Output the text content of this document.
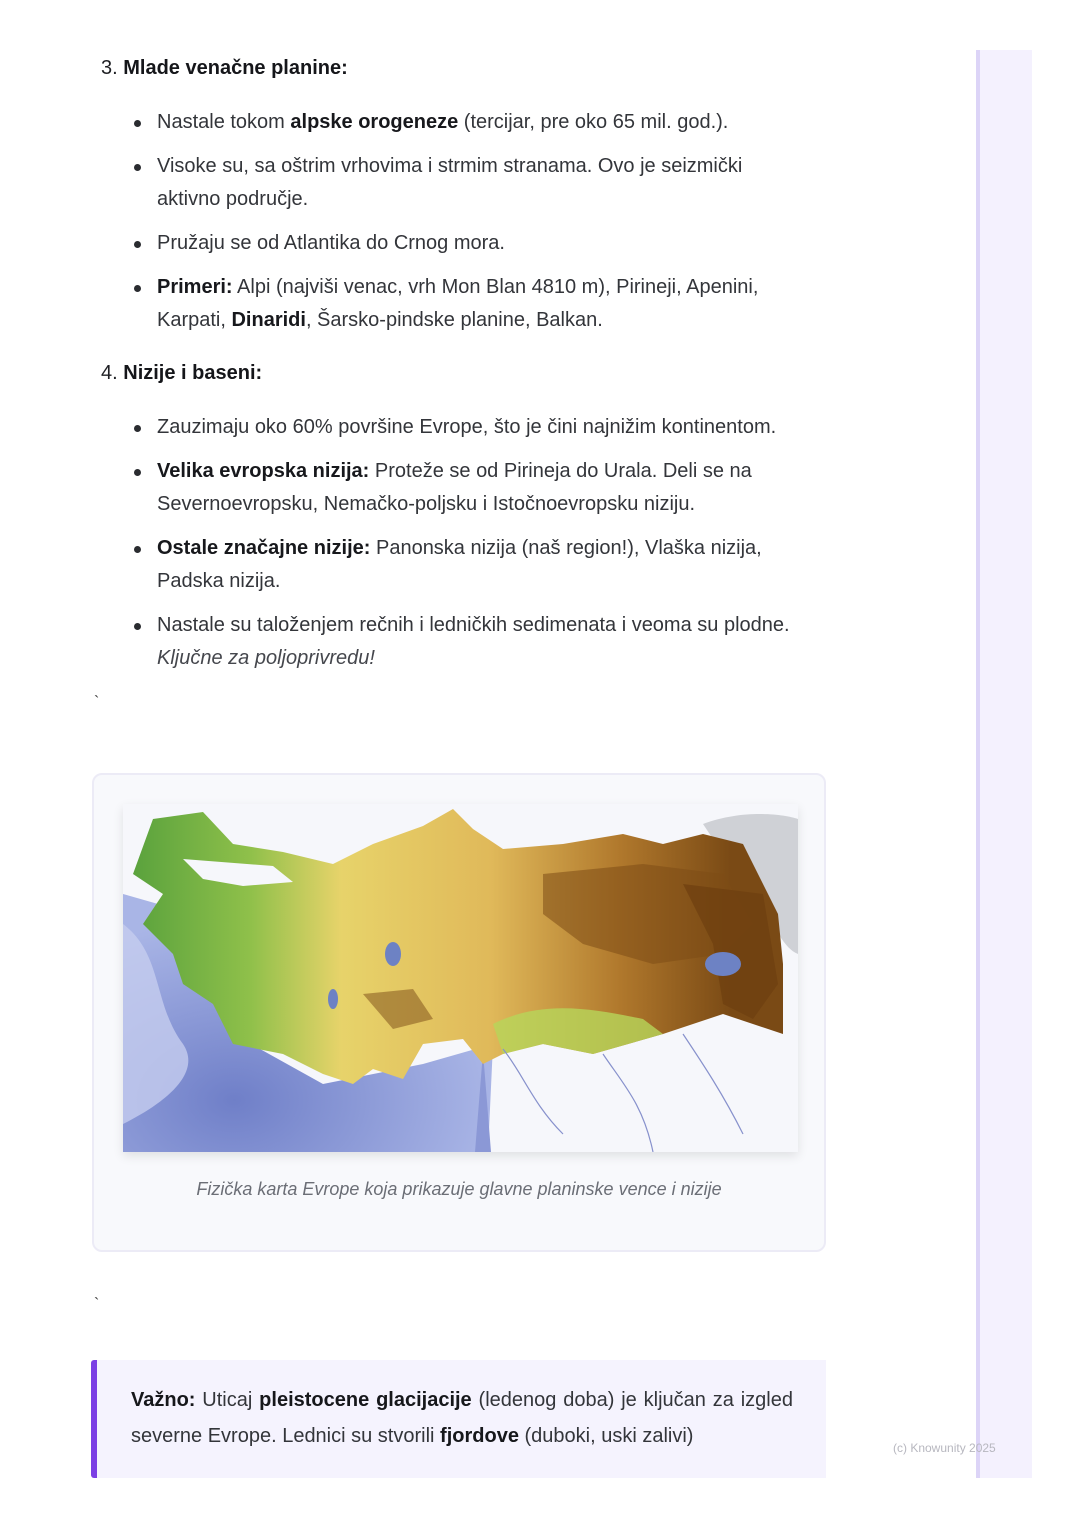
3. Mlade venačne planine:
Nastale tokom alpske orogeneze (tercijar, pre oko 65 mil. god.).
Visoke su, sa oštrim vrhovima i strmim stranama. Ovo je seizmički aktivno područje.
Pružaju se od Atlantika do Crnog mora.
Primeri: Alpi (najviši venac, vrh Mon Blan 4810 m), Pirineji, Apenini, Karpati, Dinaridi, Šarsko-pindske planine, Balkan.
4. Nizije i baseni:
Zauzimaju oko 60% površine Evrope, što je čini najnižim kontinentom.
Velika evropska nizija: Proteže se od Pirineja do Urala. Deli se na Severnoevropsku, Nemačko-poljsku i Istočnoevropsku niziju.
Ostale značajne nizije: Panonska nizija (naš region!), Vlaška nizija, Padska nizija.
Nastale su taloženjem rečnih i ledničkih sedimenata i veoma su plodne. Ključne za poljoprivredu!
`
Fizička karta Evrope koja prikazuje glavne planinske vence i nizije
`
Važno: Uticaj pleistocene glacijacije (ledenog doba) je ključan za izgled severne Evrope. Lednici su stvorili fjordove (duboki, uski zalivi)
(c) Knowunity 2025
